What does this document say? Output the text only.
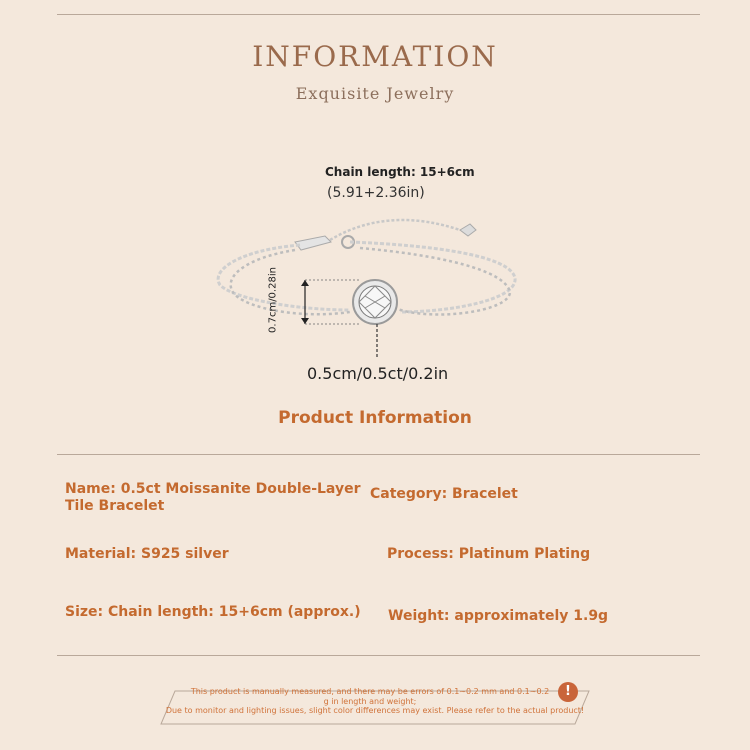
INFORMATION
Exquisite Jewelry
Chain length: 15+6cm
(5.91+2.36in)
0.7cm/0.28in
0.5cm/0.5ct/0.2in
Product Information
Name: 0.5ct Moissanite Double-Layer Tile Bracelet
Category: Bracelet
Material: S925 silver	Process: Platinum Plating
Size: Chain length: 15+6cm (approx.) Weight: approximately 1.9g
This product is manually measured, and there may be errors of 0.1~0.2 mm and 0.1~0.2 g in length and weight;
Due to monitor and lighting issues, slight color differences may exist. Please refer to the actual product!
!
